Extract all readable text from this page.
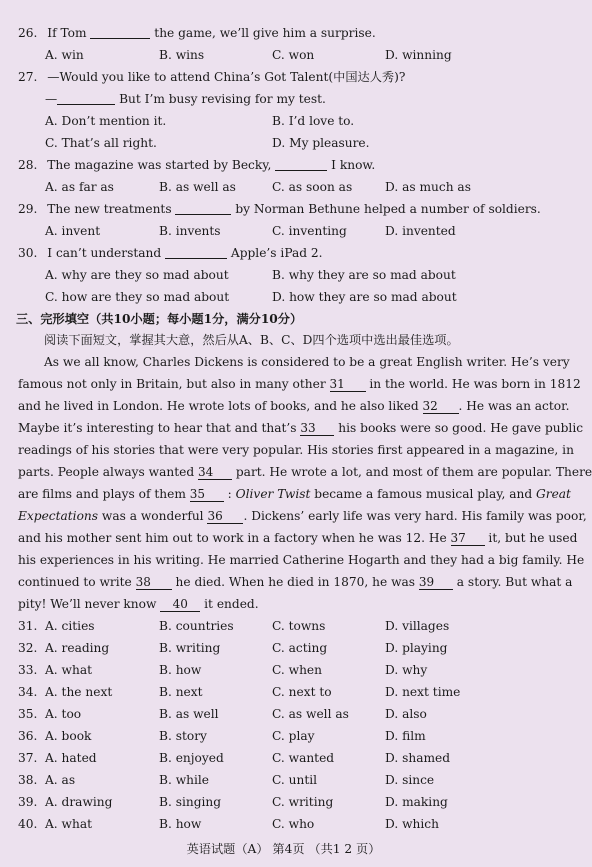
26. If Tom	the game, we’ll give him a surprise.
A. win	B. wins	C. won	D. winning
27. —Would you like to attend China’s Got Talent(中国达人秀)?
—	But I’m busy revising for my test.
A. Don’t mention it.	B. I’d love to.
C. That’s all right.	D. My pleasure.
28. The magazine was started by Becky,	I know.
A. as far as	B. as well as	C. as soon as	D. as much as
29. The new treatments	by Norman Bethune helped a number of soldiers.
A. invent	B. invents	C. inventing	D. invented
30. I can’t understand	Apple’s iPad 2.
A. why are they so mad about	B. why they are so mad about
C. how are they so mad about	D. how they are so mad about
三、完形填空（共10小题；每小题1分，满分10分）
阅读下面短文，掌握其大意，然后从A、B、C、D四个选项中选出最佳选项。
As we all know, Charles Dickens is considered to be a great English writer. He’s very
famous not only in Britain, but also in many other 31 in the world. He was born in 1812
and he lived in London. He wrote lots of books, and he also liked 32 . He was an actor.
Maybe it’s interesting to hear that and that’s 33 his books were so good. He gave public
readings of his stories that were very popular. His stories first appeared in a magazine, in
parts. People always wanted 34 part. He wrote a lot, and most of them are popular. There
are films and plays of them 35 : Oliver Twist became a famous musical play, and Great
Expectations was a wonderful 36 . Dickens’ early life was very hard. His family was poor,
and his mother sent him out to work in a factory when he was 12. He 37 it, but he used
his experiences in his writing. He married Catherine Hogarth and they had a big family. He
continued to write 38 he died. When he died in 1870, he was 39 a story. But what a
pity! We’ll never know 40 it ended.
31. A. cities	B. countries	C. towns	D. villages
32. A. reading	B. writing	C. acting	D. playing
33. A. what	B. how	C. when	D. why
34. A. the next	B. next	C. next to	D. next time
35. A. too	B. as well	C. as well as	D. also
36. A. book	B. story	C. play	D. film
37. A. hated	B. enjoyed	C. wanted	D. shamed
38. A. as	B. while	C. until	D. since
39. A. drawing	B. singing	C. writing	D. making
40. A. what	B. how	C. who	D. which
英语试题（A） 第4页 （共1 2 页）
